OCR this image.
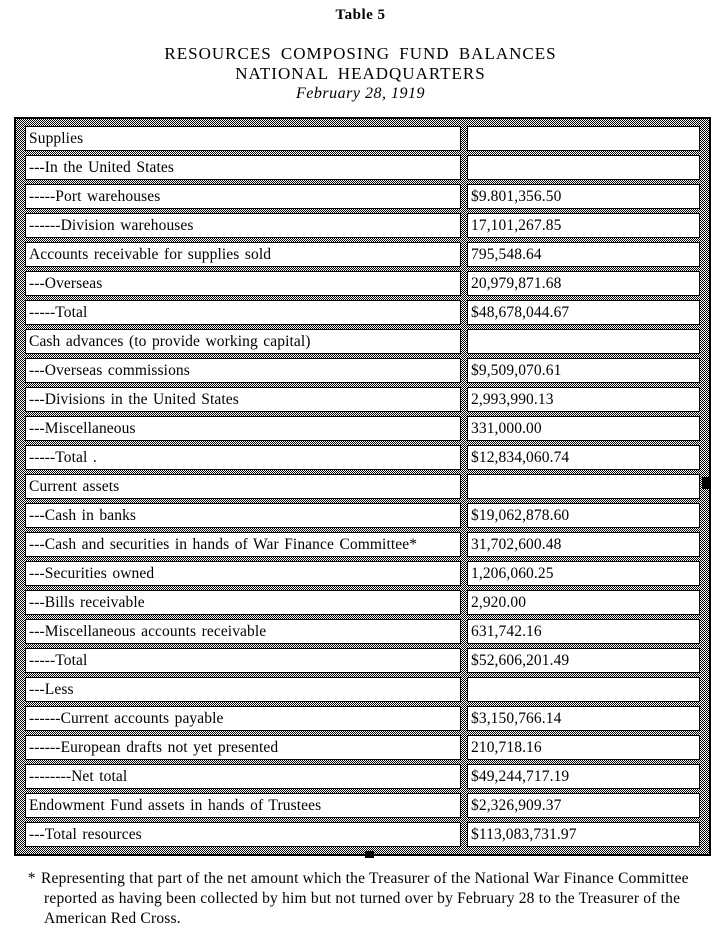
Table 5
RESOURCES COMPOSING FUND BALANCES
NATIONAL HEADQUARTERS
February 28, 1919
Supplies	
---In the United States	
-----Port warehouses	$9.801,356.50
------Division warehouses	17,101,267.85
Accounts receivable for supplies sold	795,548.64
---Overseas	20,979,871.68
-----Total	$48,678,044.67
Cash advances (to provide working capital)	
---Overseas commissions	$9,509,070.61
---Divisions in the United States	2,993,990.13
---Miscellaneous	331,000.00
-----Total .	$12,834,060.74
Current assets	
---Cash in banks	$19,062,878.60
---Cash and securities in hands of War Finance Committee*	31,702,600.48
---Securities owned	1,206,060.25
---Bills receivable	2,920.00
---Miscellaneous accounts receivable	631,742.16
-----Total	$52,606,201.49
---Less	
------Current accounts payable	$3,150,766.14
------European drafts not yet presented	210,718.16
--------Net total	$49,244,717.19
Endowment Fund assets in hands of Trustees	$2,326,909.37
---Total resources	$113,083,731.97

* Representing that part of the net amount which the Treasurer of the National War Finance Committee reported as having been collected by him but not turned over by February 28 to the Treasurer of the American Red Cross.
